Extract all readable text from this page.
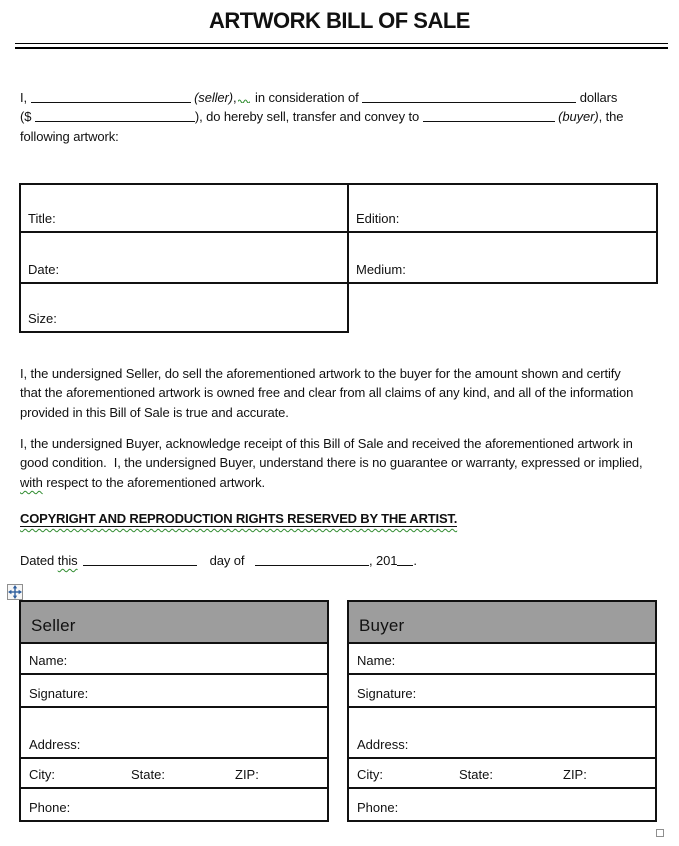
ARTWORK BILL OF SALE
I,	(seller), in consideration of	dollars
($	), do hereby sell, transfer and convey to	(buyer), the
following artwork:
Title:	Edition:
Date:	Medium:
Size:	
I, the undersigned Seller, do sell the aforementioned artwork to the buyer for the amount shown and certify
that the aforementioned artwork is owned free and clear from all claims of any kind, and all of the information
provided in this Bill of Sale is true and accurate.
I, the undersigned Buyer, acknowledge receipt of this Bill of Sale and received the aforementioned artwork in
good condition.  I, the undersigned Buyer, understand there is no guarantee or warranty, expressed or implied,
with respect to the aforementioned artwork.
COPYRIGHT AND REPRODUCTION RIGHTS RESERVED BY THE ARTIST.
Dated this	day of	, 201 .
Seller
Name:
Signature:
Address:
City:	State:	ZIP:
Phone:
Buyer
Name:
Signature:
Address:
City:	State:	ZIP:
Phone:
